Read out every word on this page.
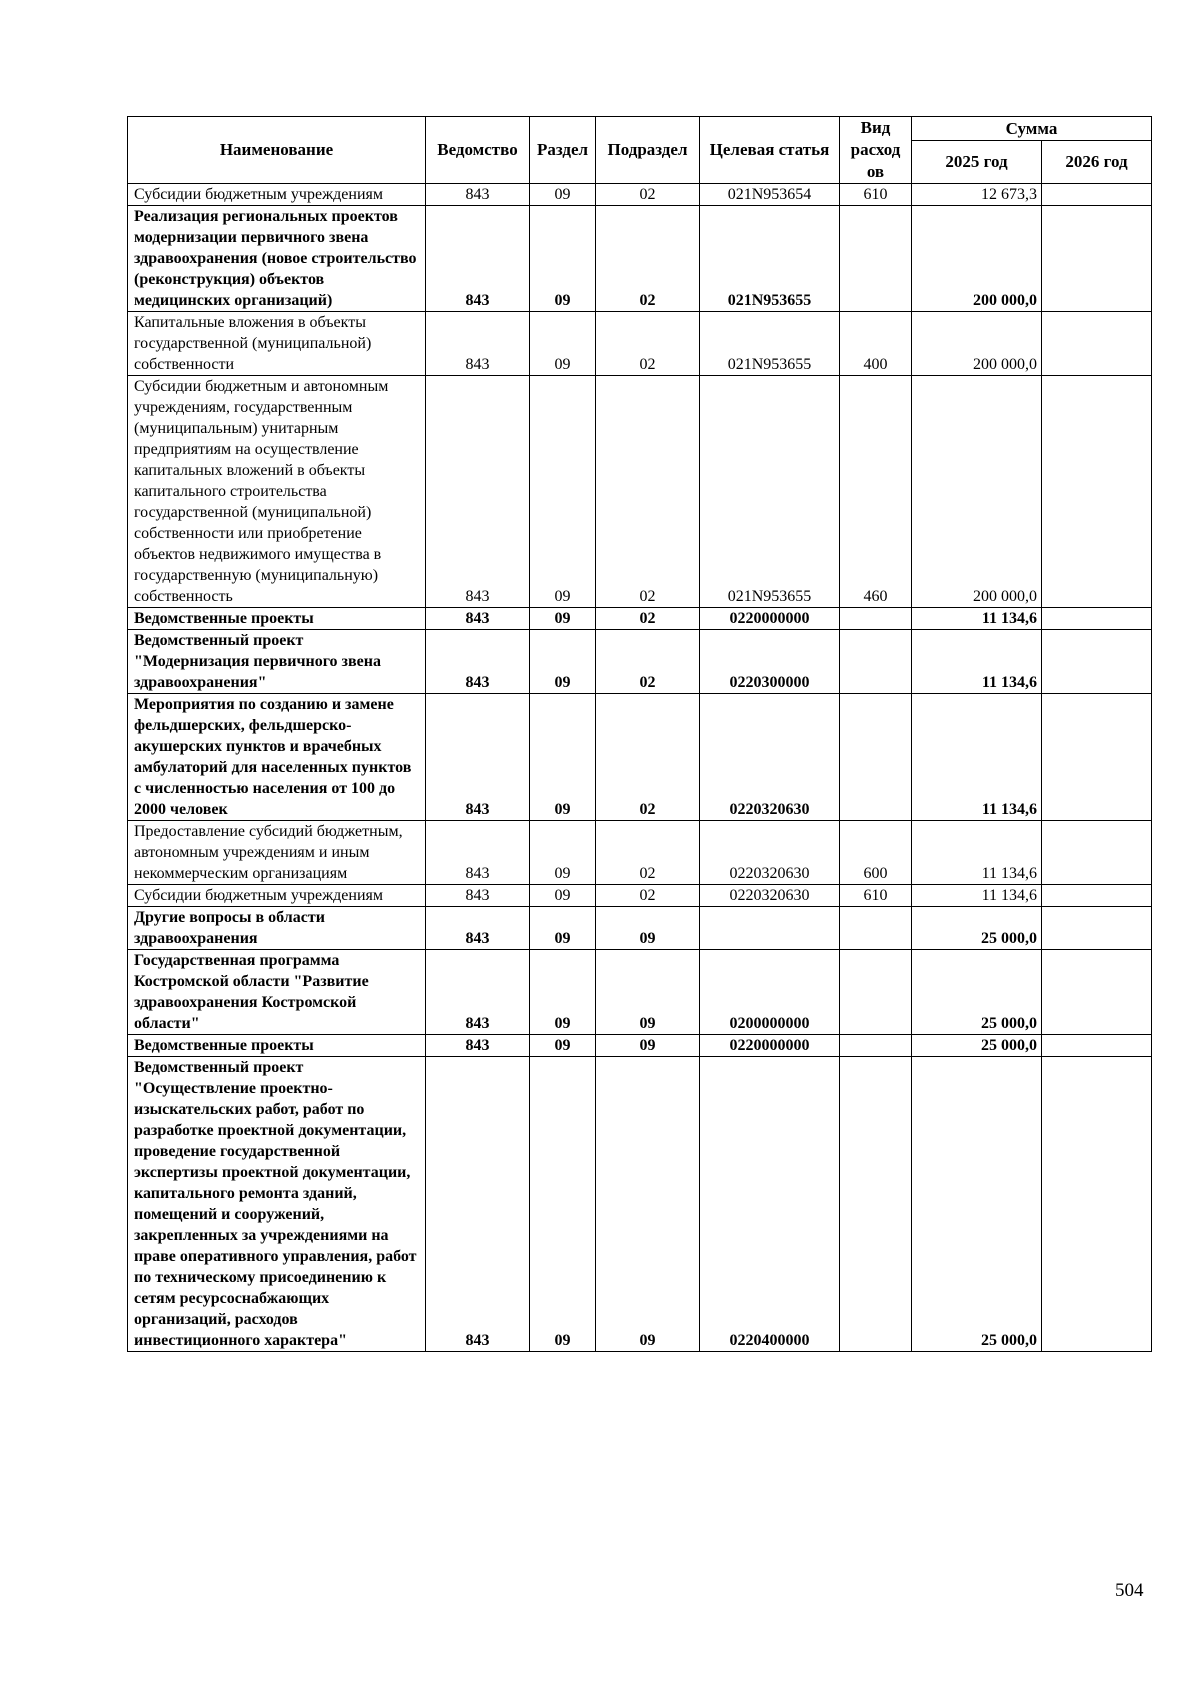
Наименование	Ведомство	Раздел	Подраздел	Целевая статья	Вид расход ов	Сумма	
						2025 год	2026 год
Субсидии бюджетным учреждениям	843	09	02	021N953654	610	12 673,3	
Реализация региональных проектов модернизации первичного звена здравоохранения (новое строительство (реконструкция) объектов медицинских организаций)	843	09	02	021N953655		200 000,0	
Капитальные вложения в объекты государственной (муниципальной) собственности	843	09	02	021N953655	400	200 000,0	
Субсидии бюджетным и автономным учреждениям, государственным (муниципальным) унитарным предприятиям на осуществление капитальных вложений в объекты капитального строительства государственной (муниципальной) собственности или приобретение объектов недвижимого имущества в государственную (муниципальную) собственность	843	09	02	021N953655	460	200 000,0	
Ведомственные проекты	843	09	02	0220000000		11 134,6	
Ведомственный проект "Модернизация первичного звена здравоохранения"	843	09	02	0220300000		11 134,6	
Мероприятия по созданию и замене фельдшерских, фельдшерско-акушерских пунктов и врачебных амбулаторий для населенных пунктов с численностью населения от 100 до 2000 человек	843	09	02	0220320630		11 134,6	
Предоставление субсидий бюджетным, автономным учреждениям и иным некоммерческим организациям	843	09	02	0220320630	600	11 134,6	
Субсидии бюджетным учреждениям	843	09	02	0220320630	610	11 134,6	
Другие вопросы в области здравоохранения	843	09	09			25 000,0	
Государственная программа Костромской области "Развитие здравоохранения Костромской области"	843	09	09	0200000000		25 000,0	
Ведомственные проекты	843	09	09	0220000000		25 000,0	
Ведомственный проект "Осуществление проектно-изыскательских работ, работ по разработке проектной документации, проведение государственной экспертизы проектной документации, капитального ремонта зданий, помещений и сооружений, закрепленных за учреждениями на праве оперативного управления, работ по техническому присоединению к сетям ресурсоснабжающих организаций, расходов инвестиционного характера"	843	09	09	0220400000		25 000,0	
504
